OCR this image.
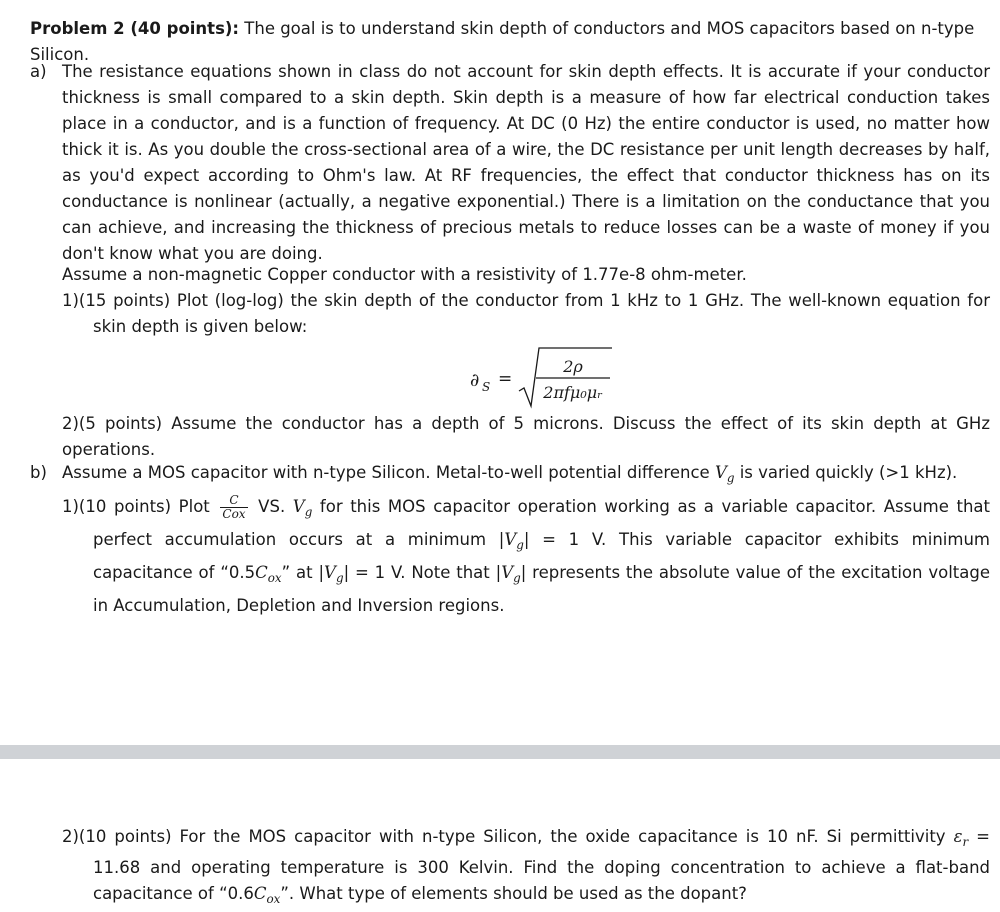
Problem 2 (40 points): The goal is to understand skin depth of conductors and MOS capacitors based on n-type Silicon.
a) The resistance equations shown in class do not account for skin depth effects. It is accurate if your conductor thickness is small compared to a skin depth. Skin depth is a measure of how far electrical conduction takes place in a conductor, and is a function of frequency. At DC (0 Hz) the entire conductor is used, no matter how thick it is. As you double the cross-sectional area of a wire, the DC resistance per unit length decreases by half, as you'd expect according to Ohm's law. At RF frequencies, the effect that conductor thickness has on its conductance is nonlinear (actually, a negative exponential.) There is a limitation on the conductance that you can achieve, and increasing the thickness of precious metals to reduce losses can be a waste of money if you don't know what you are doing.
Assume a non-magnetic Copper conductor with a resistivity of 1.77e-8 ohm-meter.
1)(15 points) Plot (log-log) the skin depth of the conductor from 1 kHz to 1 GHz. The well-known equation for skin depth is given below:
∂ S =
2ρ
2πfμ₀μᵣ
2)(5 points) Assume the conductor has a depth of 5 microns. Discuss the effect of its skin depth at GHz operations.
b) Assume a MOS capacitor with n-type Silicon. Metal-to-well potential difference $V_g$ is varied quickly (>1 kHz).
1)(10 points) Plot $\frac{C}{\text{Cox}}$ VS. $V_g$ for this MOS capacitor operation working as a variable capacitor. Assume that perfect accumulation occurs at a minimum $|V_g| = 1$ V. This variable capacitor exhibits minimum capacitance of “$0.5C_{ox}$” at $|V_g| = 1$ V. Note that $|V_g|$ represents the absolute value of the excitation voltage in Accumulation, Depletion and Inversion regions.
2)(10 points) For the MOS capacitor with n-type Silicon, the oxide capacitance is 10 nF. Si permittivity $\varepsilon_r = 11.68$ and operating temperature is 300 Kelvin. Find the doping concentration to achieve a flat-band capacitance of “$0.6C_{ox}$”. What type of elements should be used as the dopant?
